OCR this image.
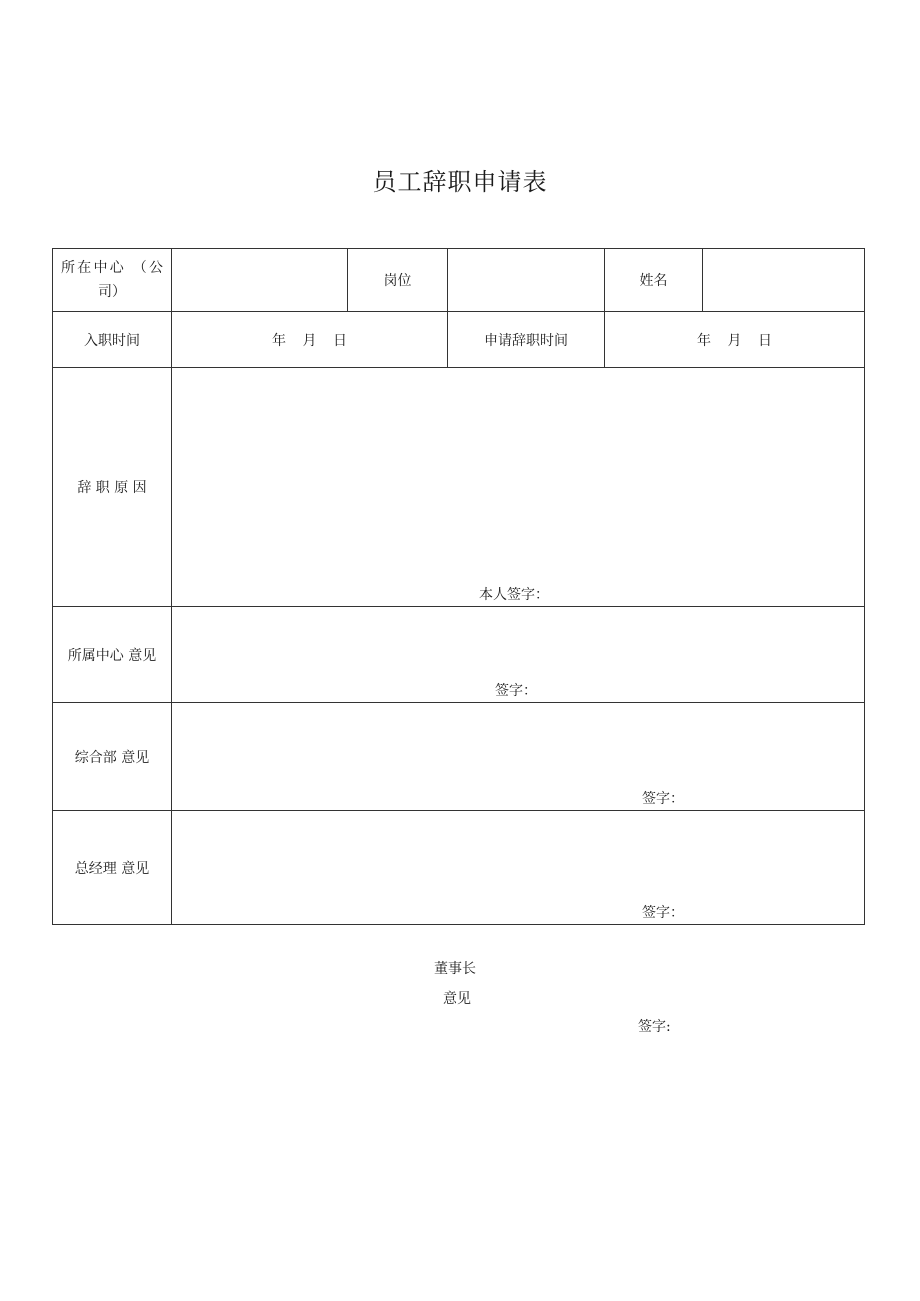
员工辞职申请表
所在中心 （公司）		岗位		姓名	
入职时间	年 月 日		申请辞职时间	年 月 日	
辞 职 原 因	本人签字：				

所属中心 意见	签字：				

综合部 意见	签字：				

总经理 意见	签字：				
董事长
意见
签字:
